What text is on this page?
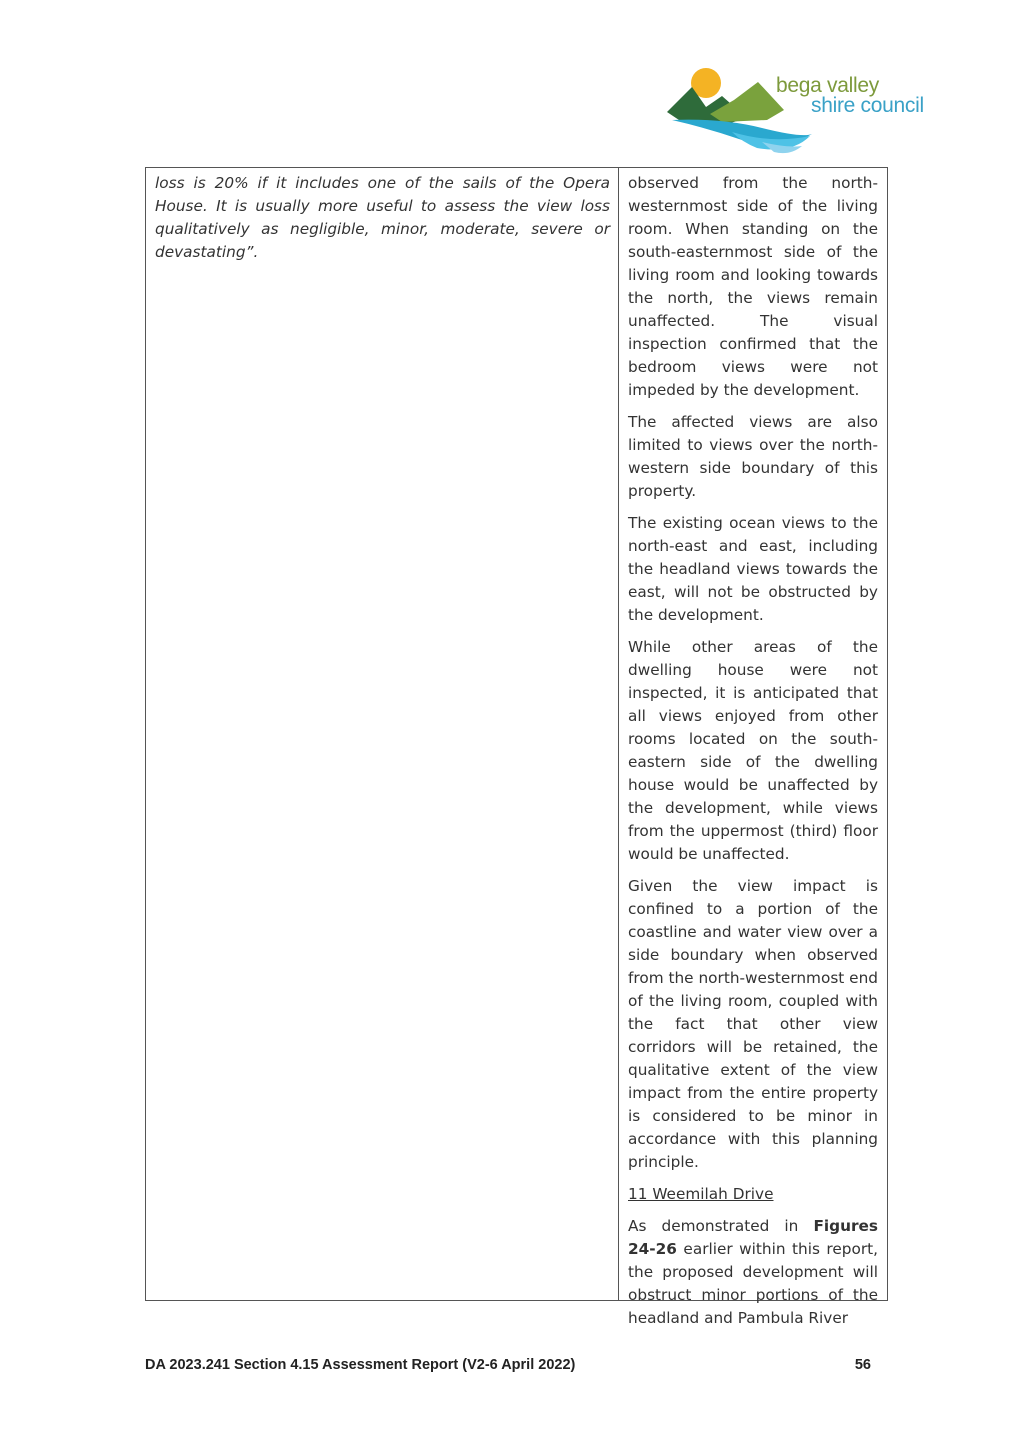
bega valley
shire council

loss is 20% if it includes one of the sails of the Opera House. It is usually more useful to assess the view loss qualitatively as negligible, minor, moderate, severe or devastating”.

observed from the north-westernmost side of the living room. When standing on the south-easternmost side of the living room and looking towards the north, the views remain unaffected. The visual inspection confirmed that the bedroom views were not impeded by the development.

The affected views are also limited to views over the north-western side boundary of this property.

The existing ocean views to the north-east and east, including the headland views towards the east, will not be obstructed by the development.

While other areas of the dwelling house were not inspected, it is anticipated that all views enjoyed from other rooms located on the south-eastern side of the dwelling house would be unaffected by the development, while views from the uppermost (third) floor would be unaffected.

Given the view impact is confined to a portion of the coastline and water view over a side boundary when observed from the north-westernmost end of the living room, coupled with the fact that other view corridors will be retained, the qualitative extent of the view impact from the entire property is considered to be minor in accordance with this planning principle.

11 Weemilah Drive

As demonstrated in Figures 24-26 earlier within this report, the proposed development will obstruct minor portions of the headland and Pambula River

DA 2023.241 Section 4.15 Assessment Report (V2-6 April 2022)	56
